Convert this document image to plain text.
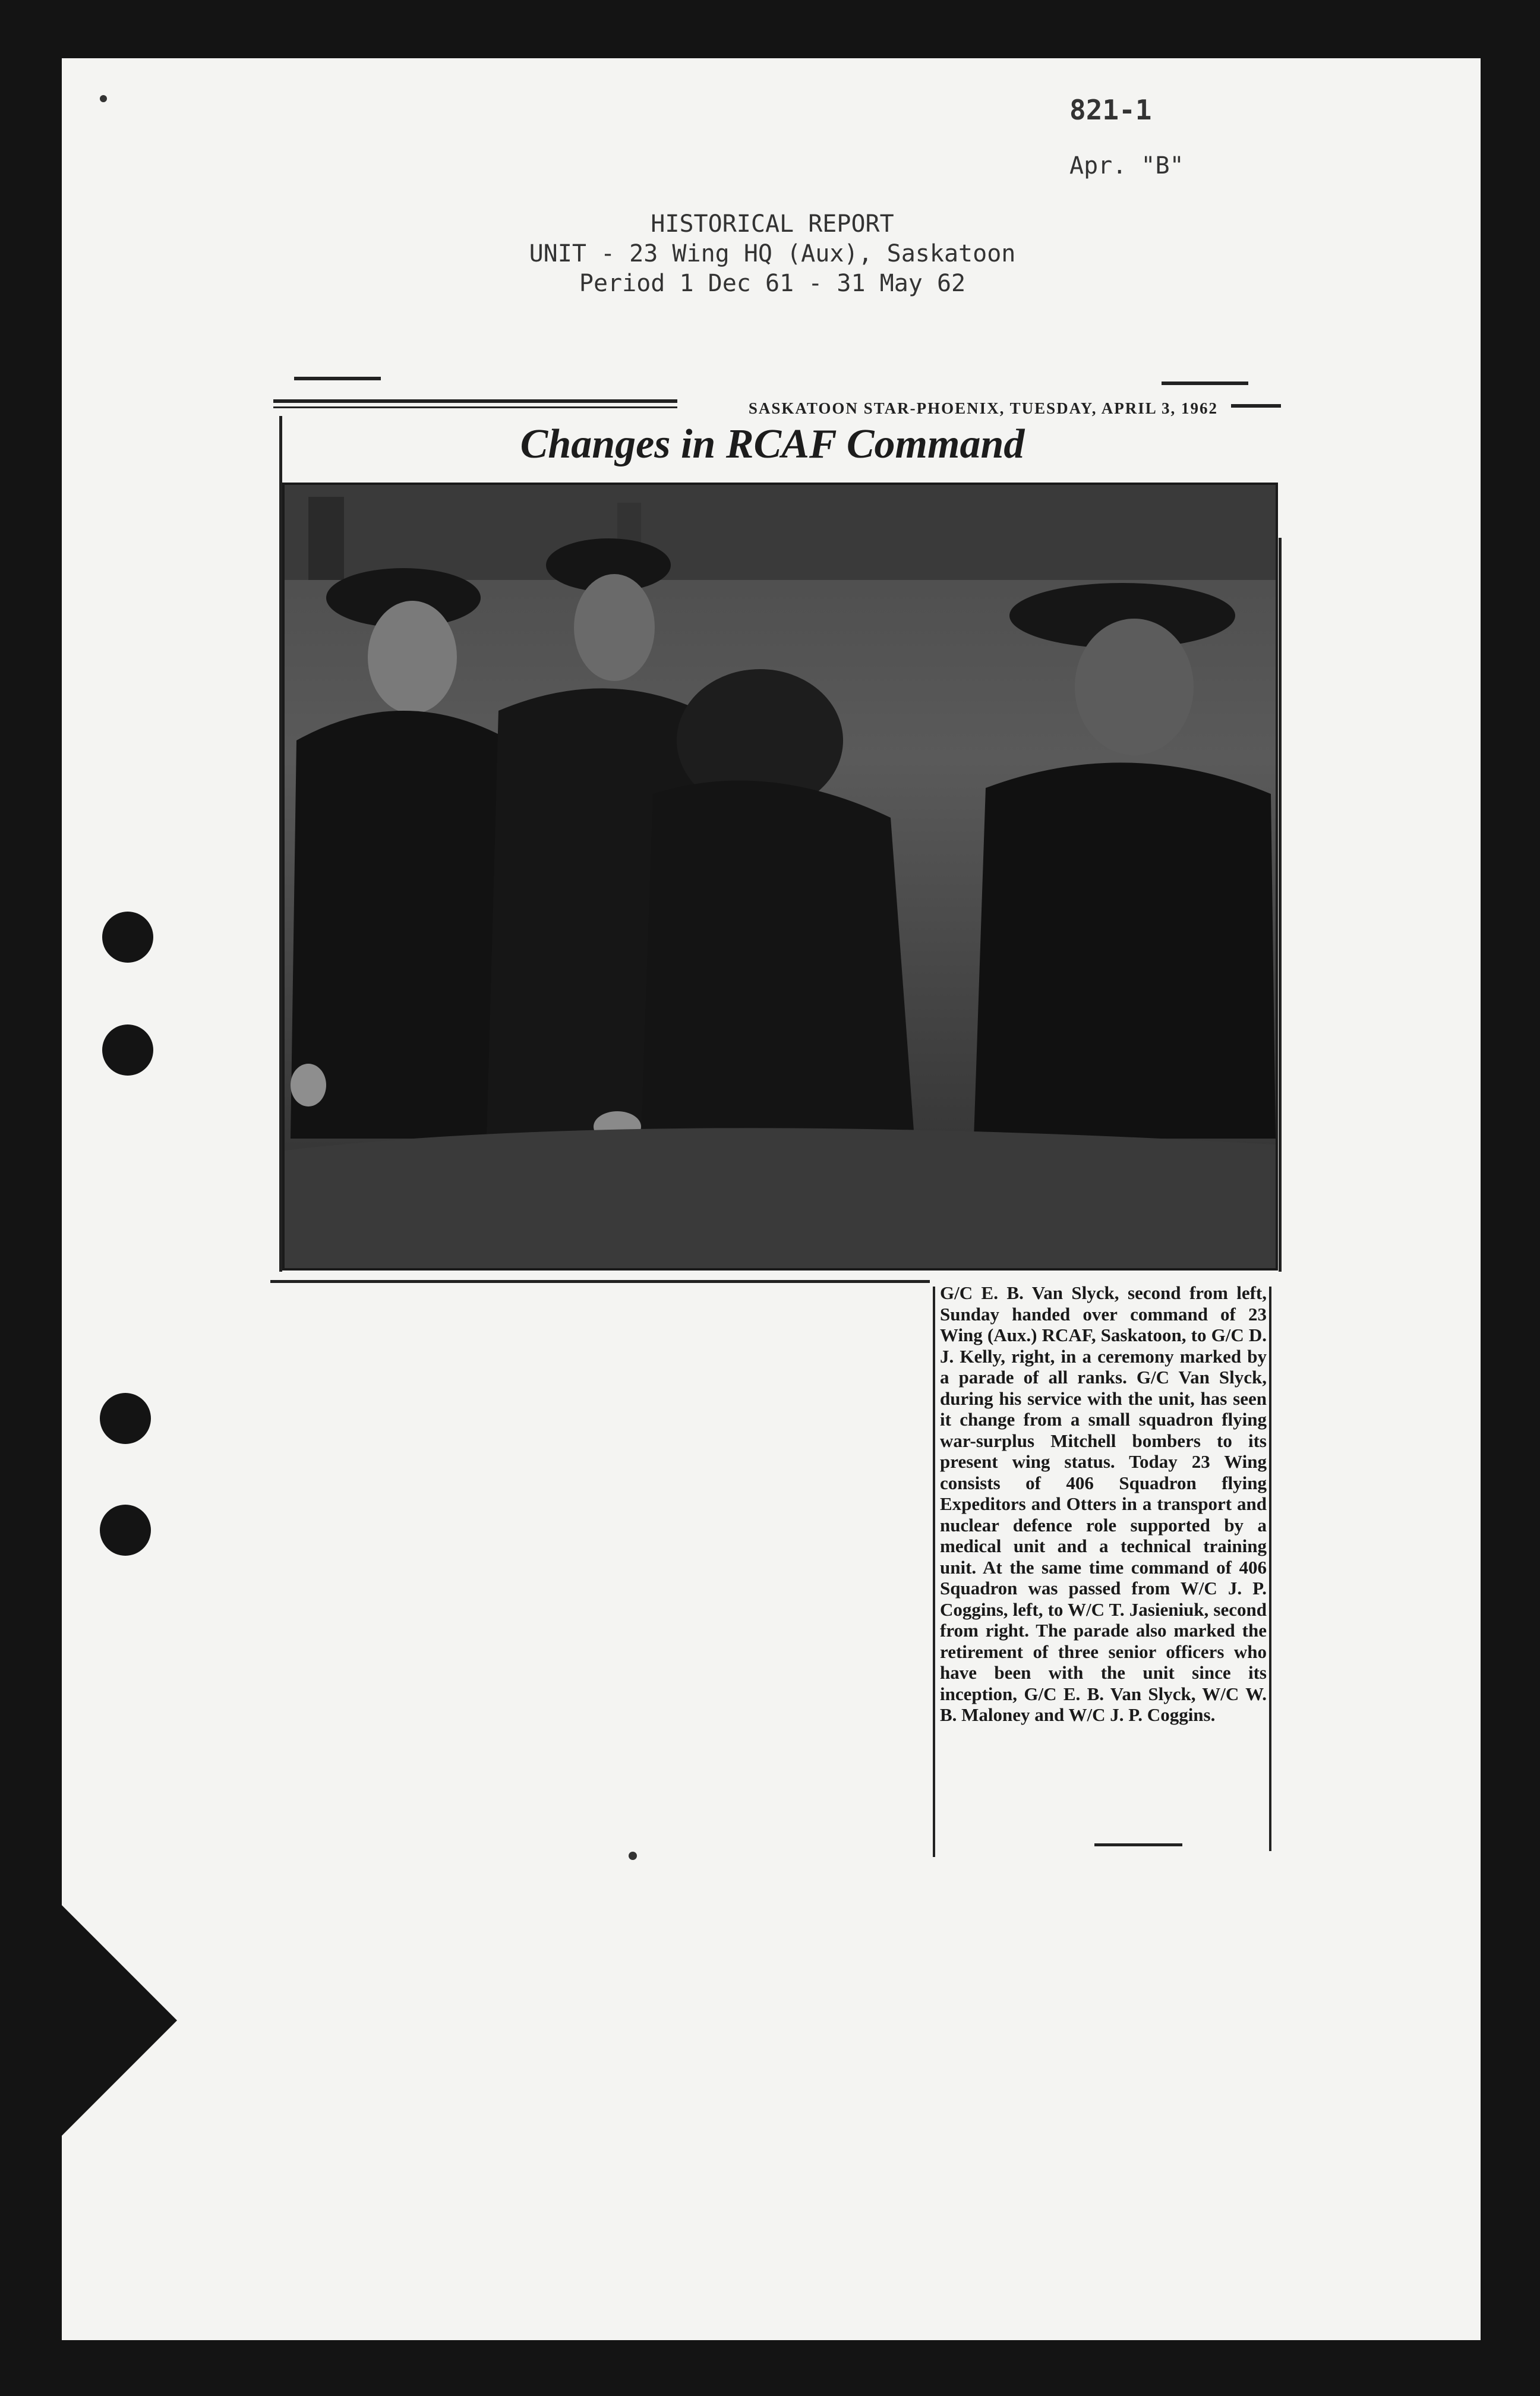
821-1
Apr. "B"
HISTORICAL REPORT
UNIT - 23 Wing HQ (Aux), Saskatoon
Period 1 Dec 61 - 31 May 62
SASKATOON STAR-PHOENIX, TUESDAY, APRIL 3, 1962
Changes in RCAF Command
G/C E. B. Van Slyck, second from left, Sunday handed over command of 23 Wing (Aux.) RCAF, Saskatoon, to G/C D. J. Kelly, right, in a ceremony marked by a parade of all ranks. G/C Van Slyck, during his service with the unit, has seen it change from a small squadron flying war-surplus Mitchell bombers to its present wing status. Today 23 Wing consists of 406 Squadron flying Expeditors and Otters in a transport and nuclear defence role supported by a medical unit and a technical training unit. At the same time command of 406 Squadron was passed from W/C J. P. Coggins, left, to W/C T. Jasieniuk, second from right. The parade also marked the retirement of three senior officers who have been with the unit since its inception, G/C E. B. Van Slyck, W/C W. B. Maloney and W/C J. P. Coggins.
